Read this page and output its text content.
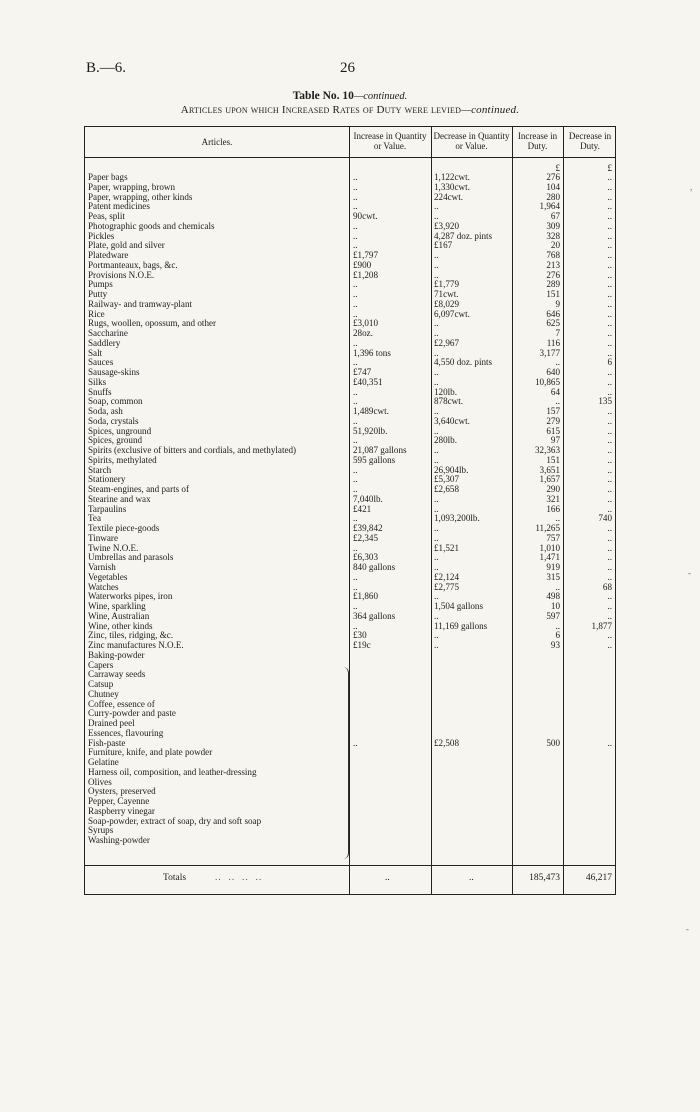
B.—6.	26
Table No. 10—continued.
Articles upon which Increased Rates of Duty were levied—continued.
Articles.
Increase in Quantity or Value.
Decrease in Quantity or Value.
Increase in Duty.
Decrease in Duty.
£	£
Paper bags	..	1,122cwt.	276	..
Paper, wrapping, brown	..	1,330cwt.	104	..
Paper, wrapping, other kinds	..	224cwt.	280	..
Patent medicines	..	..	1,964	..
Peas, split	90cwt.	..	67	..
Photographic goods and chemicals	..	£3,920	309	..
Pickles	..	4,287 doz. pints	328	..
Plate, gold and silver	..	£167	20	..
Platedware	£1,797	..	768	..
Portmanteaux, bags, &c.	£900	..	213	..
Provisions N.O.E.	£1,208	..	276	..
Pumps	..	£1,779	289	..
Putty	..	71cwt.	151	..
Railway- and tramway-plant	..	£8,029	9	..
Rice	..	6,097cwt.	646	..
Rugs, woollen, opossum, and other	£3,010	..	625	..
Saccharine	28oz.	..	7	..
Saddlery	..	£2,967	116	..
Salt	1,396 tons	..	3,177	..
Sauces	..	4,550 doz. pints	..	6
Sausage-skins	£747	..	640	..
Silks	£40,351	..	10,865	..
Snuffs	..	120lb.	64	..
Soap, common	..	878cwt.	..	135
Soda, ash	1,489cwt.	..	157	..
Soda, crystals	..	3,640cwt.	279	..
Spices, unground	51,920lb.	..	615	..
Spices, ground	..	280lb.	97	..
Spirits (exclusive of bitters and cordials, and methylated)	21,087 gallons	..	32,363	..
Spirits, methylated	595 gallons	..	151	..
Starch	..	26,904lb.	3,651	..
Stationery	..	£5,307	1,657	..
Steam-engines, and parts of	..	£2,658	290	..
Stearine and wax	7,040lb.	..	321	..
Tarpaulins	£421	..	166	..
Tea	..	1,093,200lb.	..	740
Textile piece-goods	£39,842	..	11,265	..
Tinware	£2,345	..	757	..
Twine N.O.E.	..	£1,521	1,010	..
Umbrellas and parasols	£6,303	..	1,471	..
Varnish	840 gallons	..	919	..
Vegetables	..	£2,124	315	..
Watches	..	£2,775	..	68
Waterworks pipes, iron	£1,860	..	498	..
Wine, sparkling	..	1,504 gallons	10	..
Wine, Australian	364 gallons	..	597	..
Wine, other kinds	..	11,169 gallons	..	1,877
Zinc, tiles, ridging, &c.	£30	..	6	..
Zinc manufactures N.O.E.	£19c	..	93	..
Baking-powder
Capers
Carraway seeds
Catsup
Chutney
Coffee, essence of
Curry-powder and paste
Drained peel
Essences, flavouring
Fish-paste	..	£2,508	500	..
Furniture, knife, and plate powder
Gelatine
Harness oil, composition, and leather-dressing
Olives
Oysters, preserved
Pepper, Cayenne
Raspberry vinegar
Soap-powder, extract of soap, dry and soft soap
Syrups
Washing-powder
Totals	..  ..  ..  ..	..	..	185,473	46,217
,
-
-
